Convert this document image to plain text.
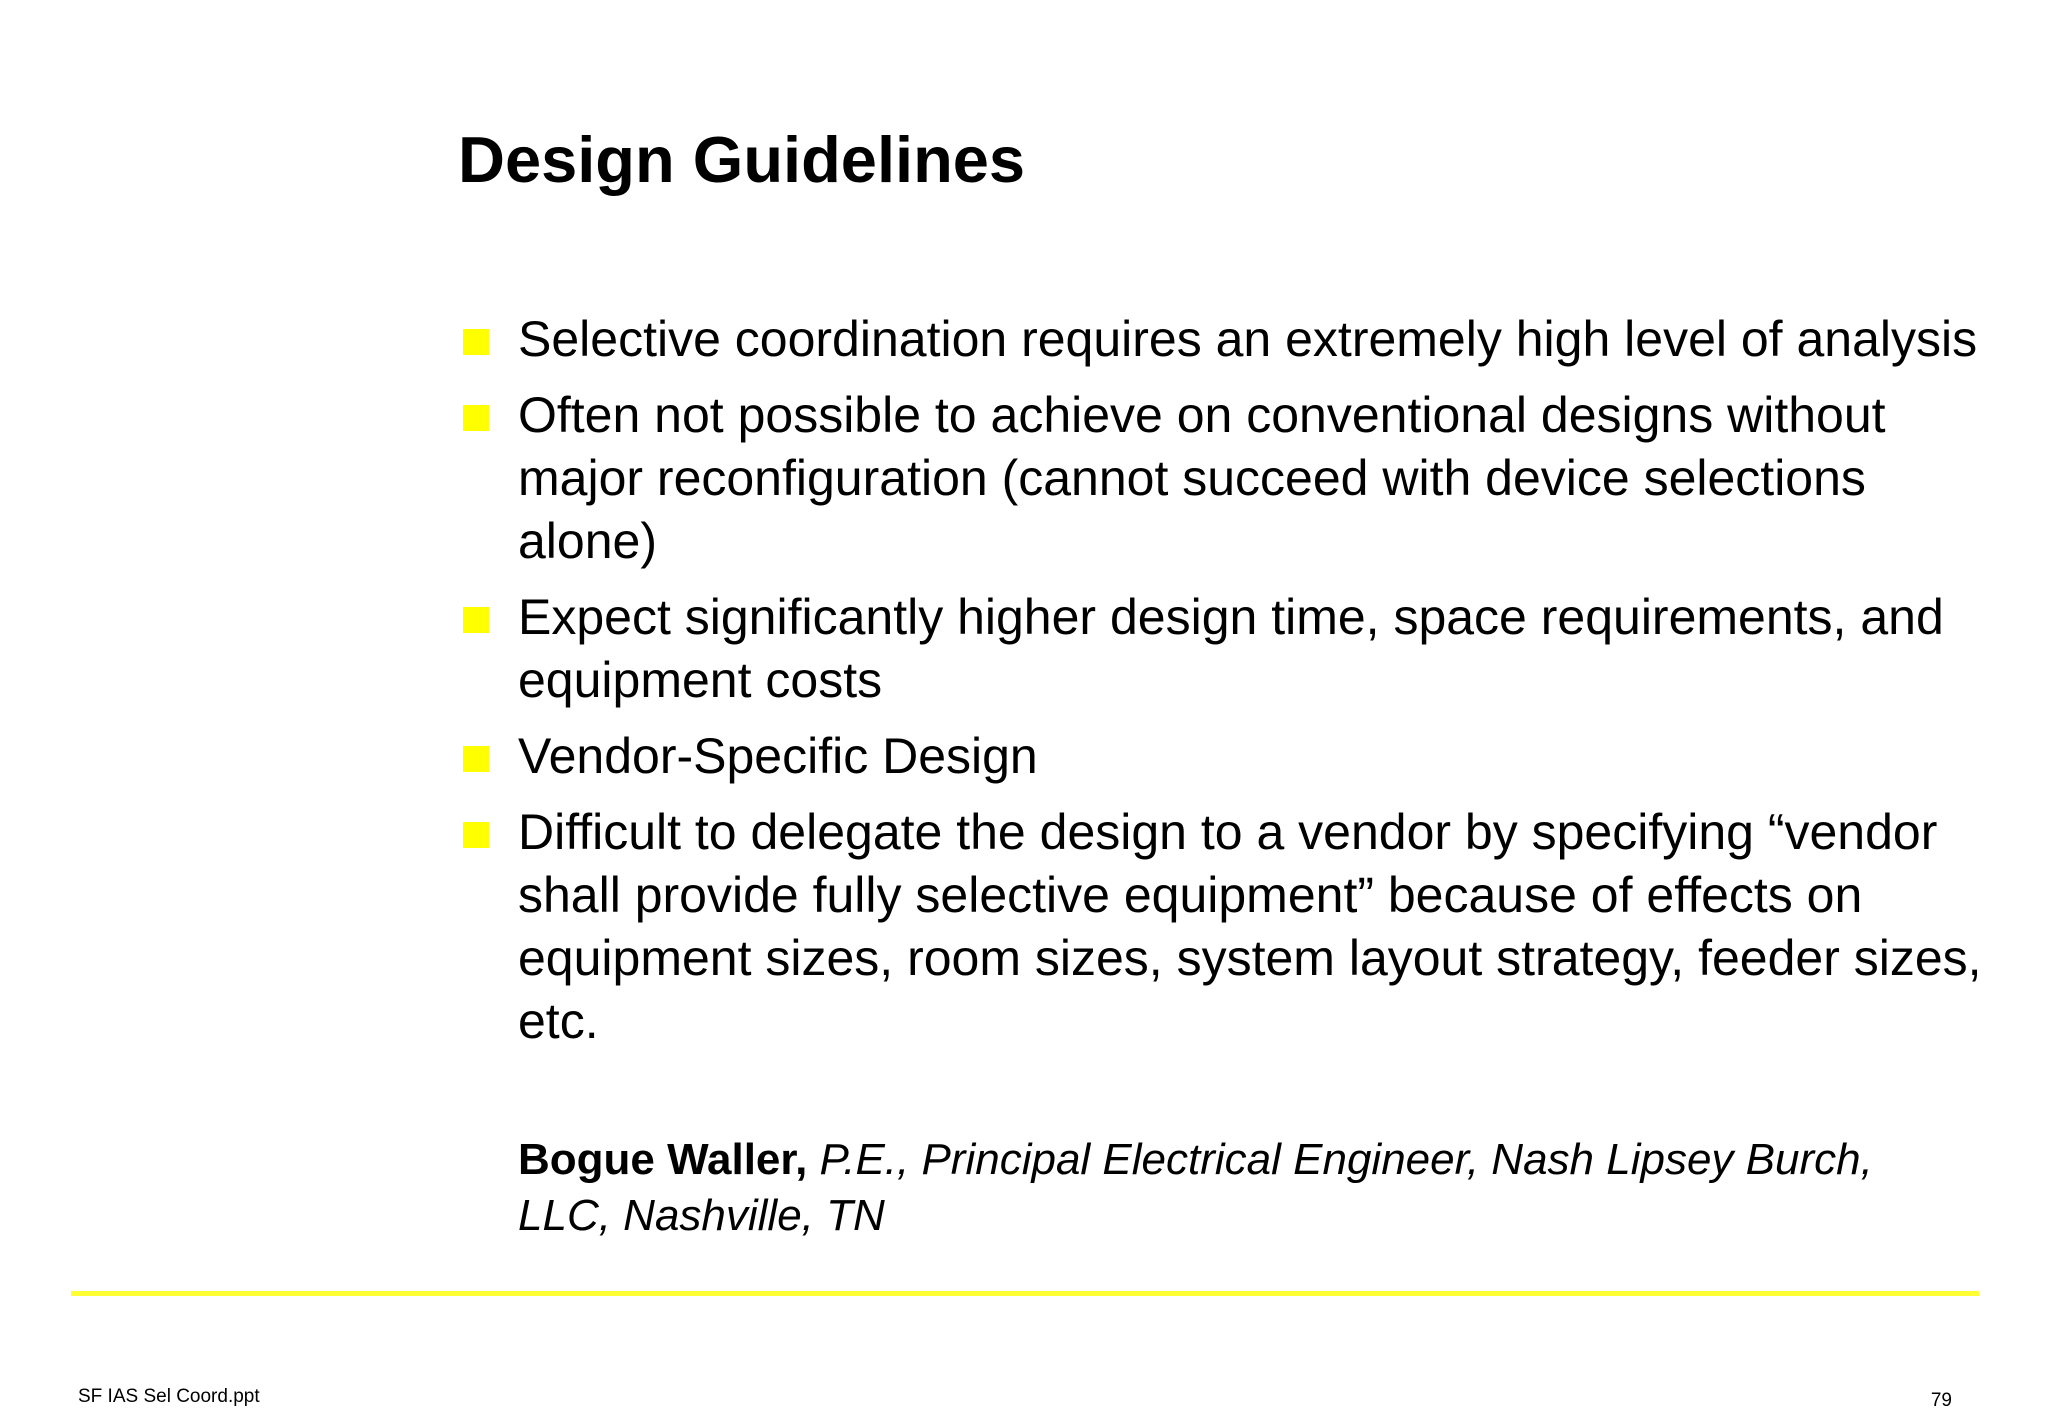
Design Guidelines
Selective coordination requires an extremely high level of analysis
Often not possible to achieve on conventional designs without major reconfiguration (cannot succeed with device selections alone)
Expect significantly higher design time, space requirements, and equipment costs
Vendor-Specific Design
Difficult to delegate the design to a vendor by specifying “vendor shall provide fully selective equipment” because of effects on equipment sizes, room sizes, system layout strategy, feeder sizes, etc.

Bogue Waller, P.E., Principal Electrical Engineer, Nash Lipsey Burch, LLC, Nashville, TN

SF IAS Sel Coord.ppt	79
